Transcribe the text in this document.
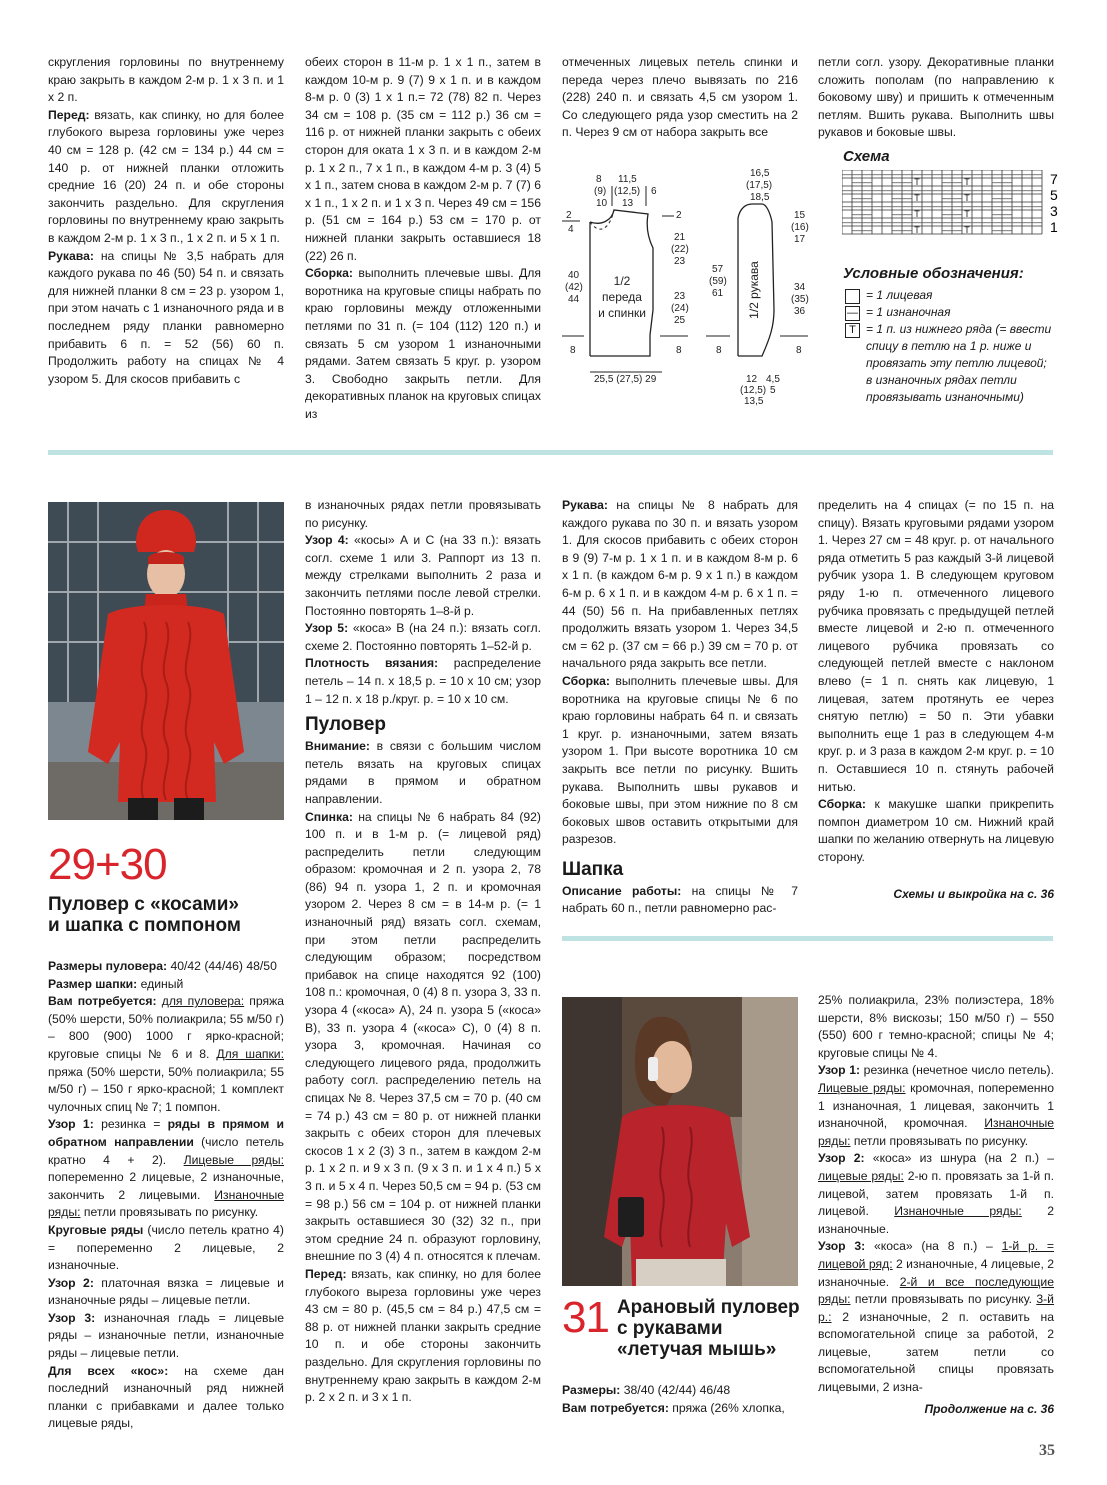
скругления горловины по внутреннему краю закрыть в каждом 2-м р. 1 х 3 п. и 1 х 2 п.

Перед: вязать, как спинку, но для более глубокого выреза горловины уже через 40 см = 128 р. (42 см = 134 р.) 44 см = 140 р. от нижней планки отложить средние 16 (20) 24 п. и обе стороны закончить раздельно. Для скругления горловины по внутреннему краю закрыть в каждом 2-м р. 1 х 3 п., 1 х 2 п. и 5 х 1 п.

Рукава: на спицы № 3,5 набрать для каждого рукава по 46 (50) 54 п. и связать для нижней планки 8 см = 23 р. узором 1, при этом начать с 1 изнаночного ряда и в последнем ряду планки равномерно прибавить 6 п. = 52 (56) 60 п. Продолжить работу на спицах № 4 узором 5. Для скосов прибавить с

обеих сторон в 11-м р. 1 х 1 п., затем в каждом 10-м р. 9 (7) 9 х 1 п. и в каждом 8-м р. 0 (3) 1 х 1 п.= 72 (78) 82 п. Через 34 см = 108 р. (35 см = 112 р.) 36 см = 116 р. от нижней планки закрыть с обеих сторон для оката 1 х 3 п. и в каждом 2-м р. 1 х 2 п., 7 х 1 п., в каждом 4-м р. 3 (4) 5 х 1 п., затем снова в каждом 2-м р. 7 (7) 6 х 1 п., 1 х 2 п. и 1 х 3 п. Через 49 см = 156 р. (51 см = 164 р.) 53 см = 170 р. от нижней планки закрыть оставшиеся 18 (22) 26 п.

Сборка: выполнить плечевые швы. Для воротника на круговые спицы набрать по краю горловины между отложенными петлями по 31 п. (= 104 (112) 120 п.) и связать 5 см узором 1 изнаночными рядами. Затем связать 5 круг. р. узором 3. Свободно закрыть петли. Для декоративных планок на круговых спицах из

отмеченных лицевых петель спинки и переда через плечо вывязать по 216 (228) 240 п. и связать 4,5 см узором 1. Со следующего ряда узор сместить на 2 п. Через 9 см от набора закрыть все

петли согл. узору. Декоративные планки сложить пополам (по направлению к боковому шву) и пришить к отмеченным петлям. Вшить рукава. Выполнить швы рукавов и боковые швы.

1/2
переда
и спинки
8
(9)
10
11,5
(12,5)
13
6
2
4
2
40
(42)
44
21
(22)
23
23
(24)
25
8	8
25,5 (27,5) 29
1/2 рукава
16,5
(17,5)
18,5
57
(59)
61
15
(16)
17
34
(35)
36
8	8
12
(12,5)
13,5
4,5
5
Схема
— — — — — — — — — — — — — — — — — — — —
— — — — T	— — T	— —
— — — — — — — — — — — — — — — — — — — —
— — — — T	— — T	— —
— — — — — — — — — — — — — — — — — — — —
— — — — T	— — T	— —
— — — — — — — — — — — — — — — — — — — —
— — — — T	— — T	— —
7
5
3
1
Условные обозначения:
= 1 лицевая
— = 1 изнаночная
T = 1 п. из нижнего ряда (= ввести спицу в петлю на 1 р. ниже и провязать эту петлю лицевой; в изнаночных рядах петли провязывать изнаночными)
29+30
Пуловер с «косами»
и шапка с помпоном

Размеры пуловера: 40/42 (44/46) 48/50

Размер шапки: единый

Вам потребуется: для пуловера: пряжа (50% шерсти, 50% полиакрила; 55 м/50 г) – 800 (900) 1000 г ярко-красной; круговые спицы № 6 и 8. Для шапки: пряжа (50% шерсти, 50% полиакрила; 55 м/50 г) – 150 г ярко-красной; 1 комплект чулочных спиц № 7; 1 помпон.

Узор 1: резинка = ряды в прямом и обратном направлении (число петель кратно 4 + 2). Лицевые ряды: попеременно 2 лицевые, 2 изнаночные, закончить 2 лицевыми. Изнаночные ряды: петли провязывать по рисунку.

Круговые ряды (число петель кратно 4) = попеременно 2 лицевые, 2 изнаночные.

Узор 2: платочная вязка = лицевые и изнаночные ряды – лицевые петли.

Узор 3: изнаночная гладь = лицевые ряды – изнаночные петли, изнаночные ряды – лицевые петли.

Для всех «кос»: на схеме дан последний изнаночный ряд нижней планки с прибавками и далее только лицевые ряды,

в изнаночных рядах петли провязывать по рисунку.

Узор 4: «косы» А и С (на 33 п.): вязать согл. схеме 1 или 3. Раппорт из 13 п. между стрелками выполнить 2 раза и закончить петлями после левой стрелки. Постоянно повторять 1–8-й р.

Узор 5: «коса» В (на 24 п.): вязать согл. схеме 2. Постоянно повторять 1–52-й р.

Плотность вязания: распределение петель – 14 п. х 18,5 р. = 10 х 10 см; узор 1 – 12 п. х 18 р./круг. р. = 10 х 10 см.

Пуловер

Внимание: в связи с большим числом петель вязать на круговых спицах рядами в прямом и обратном направлении.

Спинка: на спицы № 6 набрать 84 (92) 100 п. и в 1-м р. (= лицевой ряд) распределить петли следующим образом: кромочная и 2 п. узора 2, 78 (86) 94 п. узора 1, 2 п. и кромочная узором 2. Через 8 см = в 14-м р. (= 1 изнаночный ряд) вязать согл. схемам, при этом петли распределить следующим образом; посредством прибавок на спице находятся 92 (100) 108 п.: кромочная, 0 (4) 8 п. узора 3, 33 п. узора 4 («коса» А), 24 п. узора 5 («коса» В), 33 п. узора 4 («коса» С), 0 (4) 8 п. узора 3, кромочная. Начиная со следующего лицевого ряда, продолжить работу согл. распределению петель на спицах № 8. Через 37,5 см = 70 р. (40 см = 74 р.) 43 см = 80 р. от нижней планки закрыть с обеих сторон для плечевых скосов 1 х 2 (3) 3 п., затем в каждом 2-м р. 1 х 2 п. и 9 х 3 п. (9 х 3 п. и 1 х 4 п.) 5 х 3 п. и 5 х 4 п. Через 50,5 см = 94 р. (53 см = 98 р.) 56 см = 104 р. от нижней планки закрыть оставшиеся 30 (32) 32 п., при этом средние 24 п. образуют горловину, внешние по 3 (4) 4 п. относятся к плечам.

Перед: вязать, как спинку, но для более глубокого выреза горловины уже через 43 см = 80 р. (45,5 см = 84 р.) 47,5 см = 88 р. от нижней планки закрыть средние 10 п. и обе стороны закончить раздельно. Для скругления горловины по внутреннему краю закрыть в каждом 2-м р. 2 х 2 п. и 3 х 1 п.

Рукава: на спицы № 8 набрать для каждого рукава по 30 п. и вязать узором 1. Для скосов прибавить с обеих сторон в 9 (9) 7-м р. 1 х 1 п. и в каждом 8-м р. 6 х 1 п. (в каждом 6-м р. 9 х 1 п.) в каждом 6-м р. 6 х 1 п. и в каждом 4-м р. 6 х 1 п. = 44 (50) 56 п. На прибавленных петлях продолжить вязать узором 1. Через 34,5 см = 62 р. (37 см = 66 р.) 39 см = 70 р. от начального ряда закрыть все петли.

Сборка: выполнить плечевые швы. Для воротника на круговые спицы № 6 по краю горловины набрать 64 п. и связать 1 круг. р. изнаночными, затем вязать узором 1. При высоте воротника 10 см закрыть все петли по рисунку. Вшить рукава. Выполнить швы рукавов и боковые швы, при этом нижние по 8 см боковых швов оставить открытыми для разрезов.

Шапка

Описание работы: на спицы № 7 набрать 60 п., петли равномерно рас-

пределить на 4 спицах (= по 15 п. на спицу). Вязать круговыми рядами узором 1. Через 27 см = 48 круг. р. от начального ряда отметить 5 раз каждый 3-й лицевой рубчик узора 1. В следующем круговом ряду 1-ю п. отмеченного лицевого рубчика провязать с предыдущей петлей вместе лицевой и 2-ю п. отмеченного лицевого рубчика провязать со следующей петлей вместе с наклоном влево (= 1 п. снять как лицевую, 1 лицевая, затем протянуть ее через снятую петлю) = 50 п. Эти убавки выполнить еще 1 раз в следующем 4-м круг. р. и 3 раза в каждом 2-м круг. р. = 10 п. Оставшиеся 10 п. стянуть рабочей нитью.

Сборка: к макушке шапки прикрепить помпон диаметром 10 см. Нижний край шапки по желанию отвернуть на лицевую сторону.

Схемы и выкройка на с. 36
31 Арановый пуловер
с рукавами
«летучая мышь»

Размеры: 38/40 (42/44) 46/48

Вам потребуется: пряжа (26% хлопка,

25% полиакрила, 23% полиэстера, 18% шерсти, 8% вискозы; 150 м/50 г) – 550 (550) 600 г темно-красной; спицы № 4; круговые спицы № 4.

Узор 1: резинка (нечетное число петель). Лицевые ряды: кромочная, попеременно 1 изнаночная, 1 лицевая, закончить 1 изнаночной, кромочная. Изнаночные ряды: петли провязывать по рисунку.

Узор 2: «коса» из шнура (на 2 п.) – лицевые ряды: 2-ю п. провязать за 1-й п. лицевой, затем провязать 1-й п. лицевой. Изнаночные ряды: 2 изнаночные.

Узор 3: «коса» (на 8 п.) – 1-й р. = лицевой ряд: 2 изнаночные, 4 лицевые, 2 изнаночные. 2-й и все последующие ряды: петли провязывать по рисунку. 3-й р.: 2 изнаночные, 2 п. оставить на вспомогательной спице за работой, 2 лицевые, затем петли со вспомогательной спицы провязать лицевыми, 2 изна-

Продолжение на с. 36
35
